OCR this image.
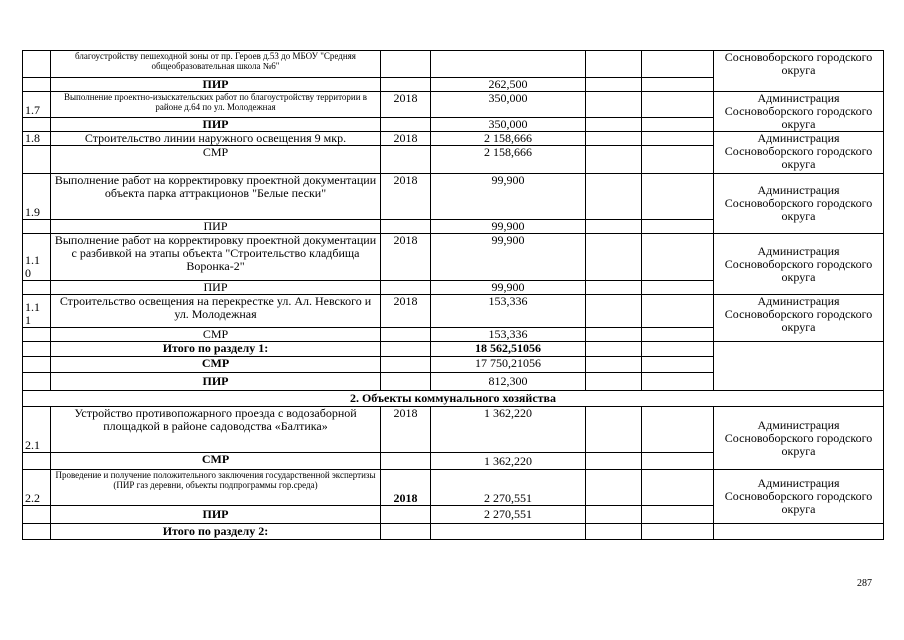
	благоустройству пешеходной зоны от пр. Героев д.53 до МБОУ "Средняя общеобразовательная школа №6"					Сосновоборского городского округа
	ПИР		262,500			
1.7	Выполнение проектно-изыскательских работ по благоустройству территории в районе д.64 по ул. Молодежная	2018	350,000			Администрация Сосновоборского городского округа
	ПИР		350,000			
1.8	Строительство линии наружного освещения 9 мкр.	2018	2 158,666			Администрация Сосновоборского городского округа
	СМР		2 158,666			
1.9	Выполнение работ на корректировку проектной документации объекта парка аттракционов "Белые пески"	2018	99,900			Администрация Сосновоборского городского округа
	ПИР		99,900			
1.1
0	Выполнение работ на корректировку проектной документации с разбивкой на этапы объекта "Строительство кладбища Воронка-2"	2018	99,900			Администрация Сосновоборского городского округа
	ПИР		99,900			
1.1
1	Строительство освещения на перекрестке ул. Ал. Невского и ул. Молодежная	2018	153,336			Администрация Сосновоборского городского округа
	СМР		153,336			
	Итого по разделу 1:		18 562,51056			
	СМР		17 750,21056			
	ПИР		812,300			
2. Объекты коммунального хозяйства						
2.1	Устройство противопожарного проезда с водозаборной площадкой в районе садоводства «Балтика»	2018	1 362,220			Администрация Сосновоборского городского округа
	СМР		1 362,220			
2.2	Проведение и получение положительного заключения государственной экспертизы (ПИР газ деревни, объекты подпрограммы гор.среда)	2018	2 270,551			Администрация Сосновоборского городского округа
	ПИР		2 270,551			
	Итого по разделу 2:					
287
